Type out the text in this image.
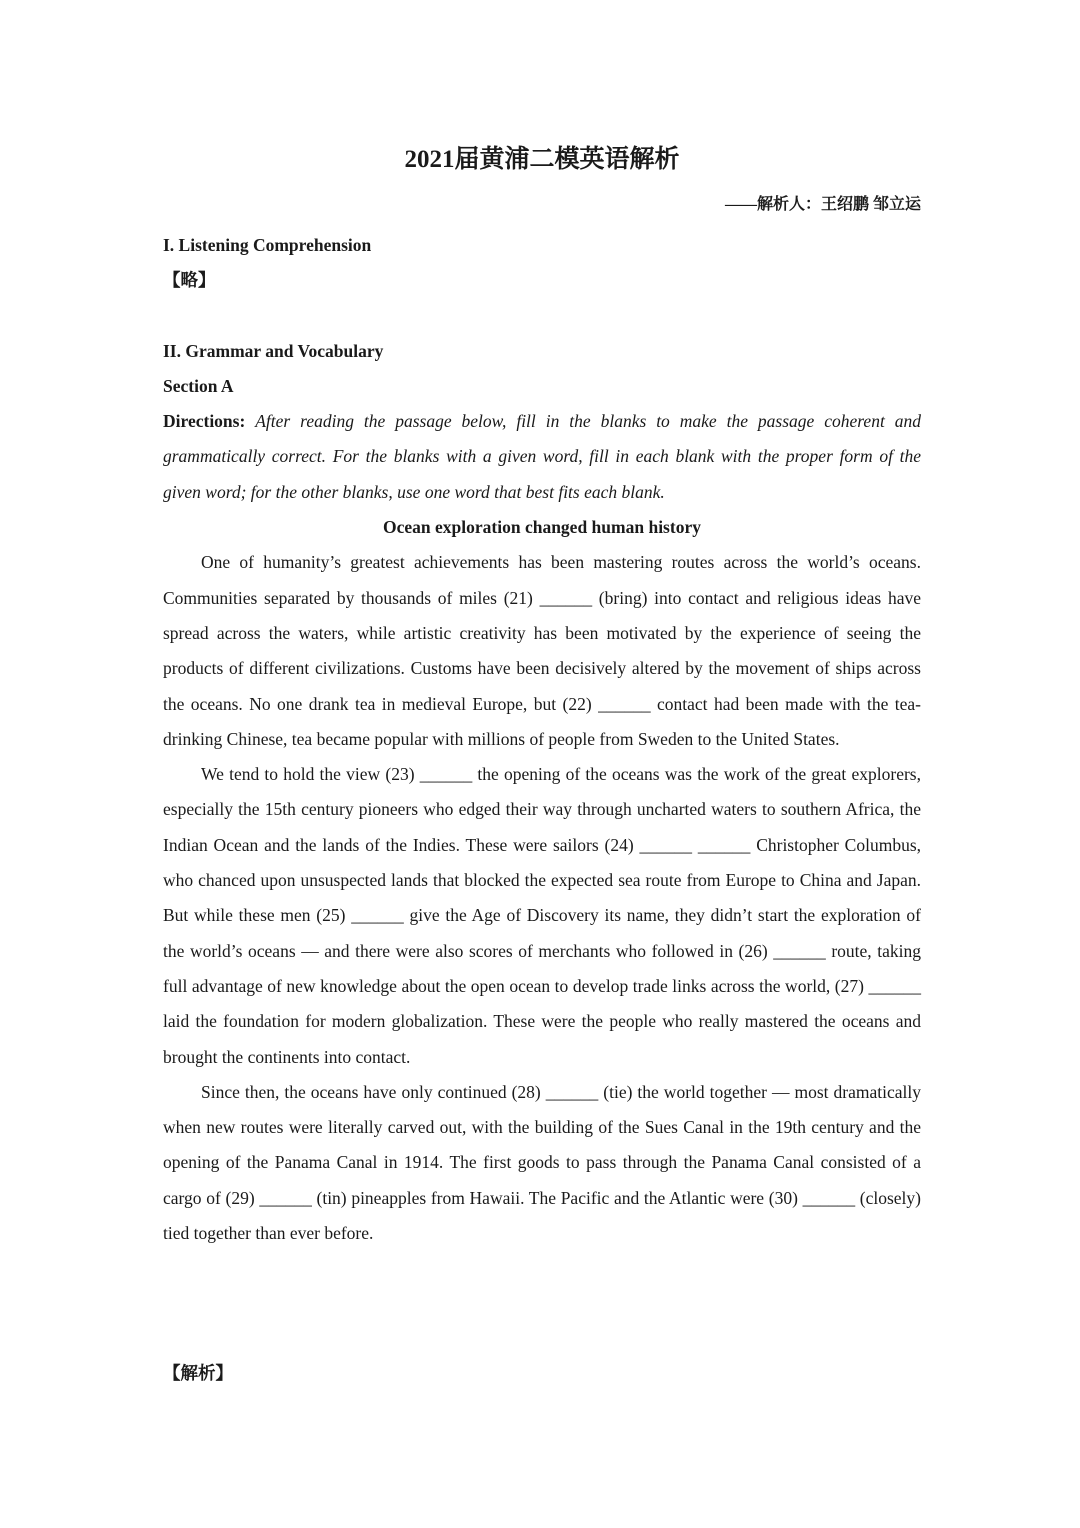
2021届黄浦二模英语解析
——解析人：王绍鹏 邹立运
I. Listening Comprehension
【略】
II. Grammar and Vocabulary
Section A
Directions: After reading the passage below, fill in the blanks to make the passage coherent and grammatically correct. For the blanks with a given word, fill in each blank with the proper form of the given word; for the other blanks, use one word that best fits each blank.
Ocean exploration changed human history

One of humanity’s greatest achievements has been mastering routes across the world’s oceans. Communities separated by thousands of miles (21) ______ (bring) into contact and religious ideas have spread across the waters, while artistic creativity has been motivated by the experience of seeing the products of different civilizations. Customs have been decisively altered by the movement of ships across the oceans. No one drank tea in medieval Europe, but (22) ______ contact had been made with the tea-drinking Chinese, tea became popular with millions of people from Sweden to the United States.

We tend to hold the view (23) ______ the opening of the oceans was the work of the great explorers, especially the 15th century pioneers who edged their way through uncharted waters to southern Africa, the Indian Ocean and the lands of the Indies. These were sailors (24) ______ ______ Christopher Columbus, who chanced upon unsuspected lands that blocked the expected sea route from Europe to China and Japan. But while these men (25) ______ give the Age of Discovery its name, they didn’t start the exploration of the world’s oceans — and there were also scores of merchants who followed in (26) ______ route, taking full advantage of new knowledge about the open ocean to develop trade links across the world, (27) ______ laid the foundation for modern globalization. These were the people who really mastered the oceans and brought the continents into contact.

Since then, the oceans have only continued (28) ______ (tie) the world together — most dramatically when new routes were literally carved out, with the building of the Sues Canal in the 19th century and the opening of the Panama Canal in 1914. The first goods to pass through the Panama Canal consisted of a cargo of (29) ______ (tin) pineapples from Hawaii. The Pacific and the Atlantic were (30) ______ (closely) tied together than ever before.

【解析】
